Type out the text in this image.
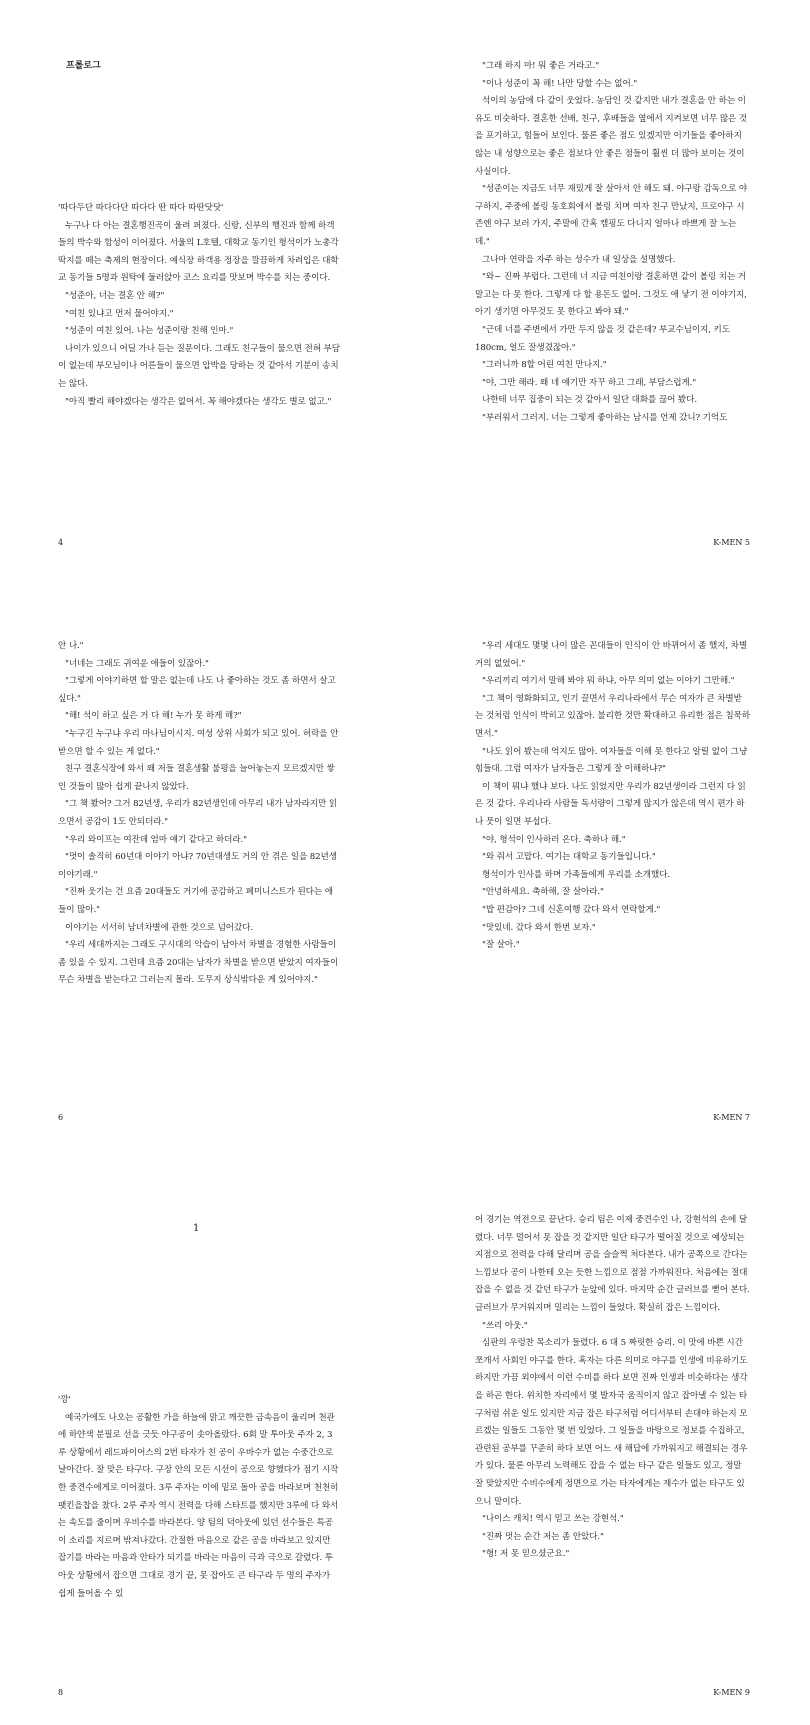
프롤로그

'따다두단 따다다단 따다다 딴 따다 따딴닷닷'

누구나 다 아는 결혼행진곡이 울려 퍼졌다. 신랑, 신부의 행진과 함께 하객들의 박수와 함성이 이어졌다. 서울의 L호텔, 대학교 동기인 형석이가 노총각 딱지를 떼는 축제의 현장이다. 예식장 하객용 정장을 깔끔하게 차려입은 대학교 동기들 5명과 원탁에 둘러앉아 코스 요리를 맛보며 박수를 치는 중이다.

"성준아, 너는 결혼 안 해?"

"여친 있냐고 먼저 물어야지."

"성준이 여친 있어. 나는 성준이랑 친해 인마."

나이가 있으니 어딜 가나 듣는 질문이다. 그래도 친구들이 물으면 전혀 부담이 없는데 부모님이나 어른들이 물으면 압박을 당하는 것 같아서 기분이 송치는 않다.

"아직 빨리 해야겠다는 생각은 없어서. 꼭 해야겠다는 생각도 별로 없고."

4

"그래 하지 마! 뭐 좋은 거라고."

"이나 성준이 꼭 해! 나만 당할 수는 없어."

석이의 농담에 다 같이 웃었다. 농담인 것 같지만 내가 결혼을 안 하는 이유도 비슷하다. 결혼한 선배, 친구, 후배들을 옆에서 지켜보면 너무 많은 것을 포기하고, 힘들어 보인다. 물론 좋은 점도 있겠지만 이기들을 좋아하지 않는 내 성향으로는 좋은 점보다 안 좋은 점들이 훨씬 더 많아 보이는 것이 사실이다.

"성준이는 지금도 너무 재밌게 잘 살아서 안 해도 돼. 야구랑 감독으로 야구하지, 주중에 볼링 동호회에서 볼링 치며 여자 친구 만났지, 프로야구 시즌엔 야구 보러 가지, 주말에 간혹 캠핑도 다니지 얼마나 바쁘게 잘 노는데."

그나마 연락을 자주 하는 성수가 내 일상을 설명했다.

"와~ 진짜 부럽다. 그런데 너 지금 여친이랑 결혼하면 같이 볼링 치는 거 말고는 다 못 한다. 그렇게 다 할 용돈도 없어. 그것도 애 낳기 전 이야기지, 아기 생기면 아무것도 못 한다고 봐야 돼."

"근데 너를 주변에서 가만 두지 않을 것 같은데? 부교수님이지, 키도 180cm, 얼도 잘생겼잖아."

"그러니까 8할 어린 여친 만나지."

"야, 그만 해라. 왜 네 얘기만 자꾸 하고 그래, 부담스럽게."

나한테 너무 집중이 되는 것 같아서 일단 대화를 끊어 봤다.

"부러워서 그러지. 너는 그렇게 좋아하는 남시를 언제 갔니? 기억도

K-MEN 5

안 나."

"너네는 그래도 귀여운 애들이 있잖아."

"그렇게 이야기하면 할 말은 없는데 나도 나 좋아하는 것도 좀 하면서 살고 싶다."

"해! 석이 하고 싶은 거 다 해! 누가 못 하게 해?"

"누구긴 누구냐 우리 마나님이시지. 여성 상위 사회가 되고 있어. 허락을 안 받으면 할 수 있는 게 없다."

친구 결혼식장에 와서 왜 저들 결혼생활 불평을 늘어놓는지 모르겠지만 쌓인 것들이 많아 쉽게 끝나지 않았다.

"그 책 봤어? 그거 82년생, 우리가 82년생인데 아무리 내가 남자라지만 읽으면서 공감이 1도 안되더라."

"우리 와이프는 여잔데 엄마 얘기 같다고 하더라."

"멋이 솔직히 60년대 이야기 아냐? 70년대생도 거의 안 겪은 일을 82년생 이야기래."

"진짜 웃기는 건 요즘 20대들도 거기에 공감하고 페미니스트가 된다는 애들이 많아."

이야기는 서서히 남녀차별에 관한 것으로 넘어갔다.

"우리 세대까지는 그래도 구시대의 악습이 남아서 차별을 경험한 사람들이 좀 있을 수 있지. 그런데 요즘 20대는 남자가 차별을 받으면 받았지 여자들이 무슨 차별을 받는다고 그러는지 몰라. 도무지 상식밖다운 게 있어야지."

6

"우리 세대도 몇몇 나이 많은 꼰대들이 인식이 안 바뀌어서 좀 했지, 차별 거의 없었어."

"우리끼리 여기서 말해 봐야 뭐 하냐, 아무 의미 없는 이야기 그만해."

"그 책이 영화화되고, 인기 끌면서 우리나라에서 무슨 여자가 큰 차별받는 것처럼 인식이 박히고 있잖아. 불리한 것만 확대하고 유리한 점은 침묵하면서."

"나도 읽어 봤는데 억지도 많아. 여자들을 이해 못 한다고 알릴 없이 그냥 힘들대. 그럼 여자가 남자들은 그렇게 잘 이해하냐?"

이 책이 뭐냐 했냐 보다. 나도 읽었지만 우리가 82년생이라 그런지 다 읽은 것 같다. 우리나라 사람들 독서량이 그렇게 많지가 않은데 역시 편가 하나 뭇이 일면 부섭다.

"야, 형석이 인사하러 온다. 축하나 해."

"와 줘서 고맙다. 여기는 대학교 동기들입니다."

형석이가 인사를 하며 가족들에게 우리를 소개했다.

"안녕하세요. 축하해, 잘 살아라."

"밥 편감아? 그네 신혼여행 갔다 와서 연락할게."

"맛있네. 갔다 와서 한번 보자."

"잘 살아."

K-MEN 7
1

'깡'

예국가에도 나오는 공활한 가을 하늘에 맑고 깨끗한 금속음이 울리며 천관에 하얀색 분필로 선을 긋듯 야구공이 솟아올랐다. 6회 말 투아웃 주자 2, 3루 상황에서 레드파이어스의 2번 타자가 친 공이 우바수가 없는 수중간으로 날아간다. 잘 맞은 타구다. 구장 안의 모든 시선이 공으로 향했다가 점기 시작한 중견수에게로 이어졌다. 3루 주자는 이에 밑로 돌아 공을 바라보며 천천히 팻킨을찹을 찼다. 2루 주자 역시 전력을 다해 스타트를 했지만 3루에 다 와서는 속도를 줄이며 우비수를 바라본다. 양 팀의 덕아웃에 있던 선수들은 특공이 소리를 지르며 밖져나갔다. 간절한 마음으로 같은 공을 바라보고 있지만 잡기를 바라는 마음과 안타가 되기를 바라는 마음이 극과 극으로 갈렸다. 투아웃 상황에서 잡으면 그대로 경기 끝, 못 잡아도 큰 타구라 두 명의 주자가 쉽게 들어올 수 있

8

어 경기는 역전으로 끝난다. 승리 팀은 이제 중견수인 나, 강현석의 손에 달렸다. 너무 멀어서 못 잡을 것 같지만 일단 타구가 떨어질 것으로 예상되는 지점으로 전력을 다해 달리며 공을 슬슬쩍 처다본다. 내가 공쪽으로 간다는 느낌보다 공이 나한테 오는 듯한 느낌으로 점점 가까워진다. 처음에는 절대 잡을 수 없을 것 같던 타구가 눈앞에 있다. 마지막 순간 글러브를 뻗어 본다. 글러브가 무거워지며 밀리는 느낌이 들었다. 확실히 잡은 느낌이다.

"쓰리 아웃."

심판의 우렁찬 목소리가 들렸다. 6 대 5 짜릿한 승리. 이 맛에 바쁜 시간 쪼개서 사회인 야구를 한다. 혹자는 다른 의미로 야구를 인생에 비유하기도 하지만 가끔 외야에서 이런 수비를 하다 보면 진짜 인생과 비슷하다는 생각을 하곤 한다. 위치한 자리에서 몇 발자국 움직이지 않고 잡아낼 수 있는 타구처럼 쉬운 일도 있지만 지금 잡은 타구처럼 어디서부터 손대야 하는지 모르겠는 일들도 그동안 몇 번 있었다. 그 일들을 바탕으로 정보를 수집하고, 관련된 공부를 꾸준히 하다 보면 어느 새 해답에 가까워지고 해결되는 경우가 있다. 물론 아무리 노력해도 잡을 수 없는 타구 같은 일들도 있고, 정말 잘 맞았지만 수비수에게 정면으로 가는 타자에게는 재수가 없는 타구도 있으니 말이다.

"나이스 캐치! 역시 믿고 쓰는 강현석."

"진짜 멋는 순간 저는 좀 안았다."

"형! 저 못 믿으셨군요."

K-MEN 9
